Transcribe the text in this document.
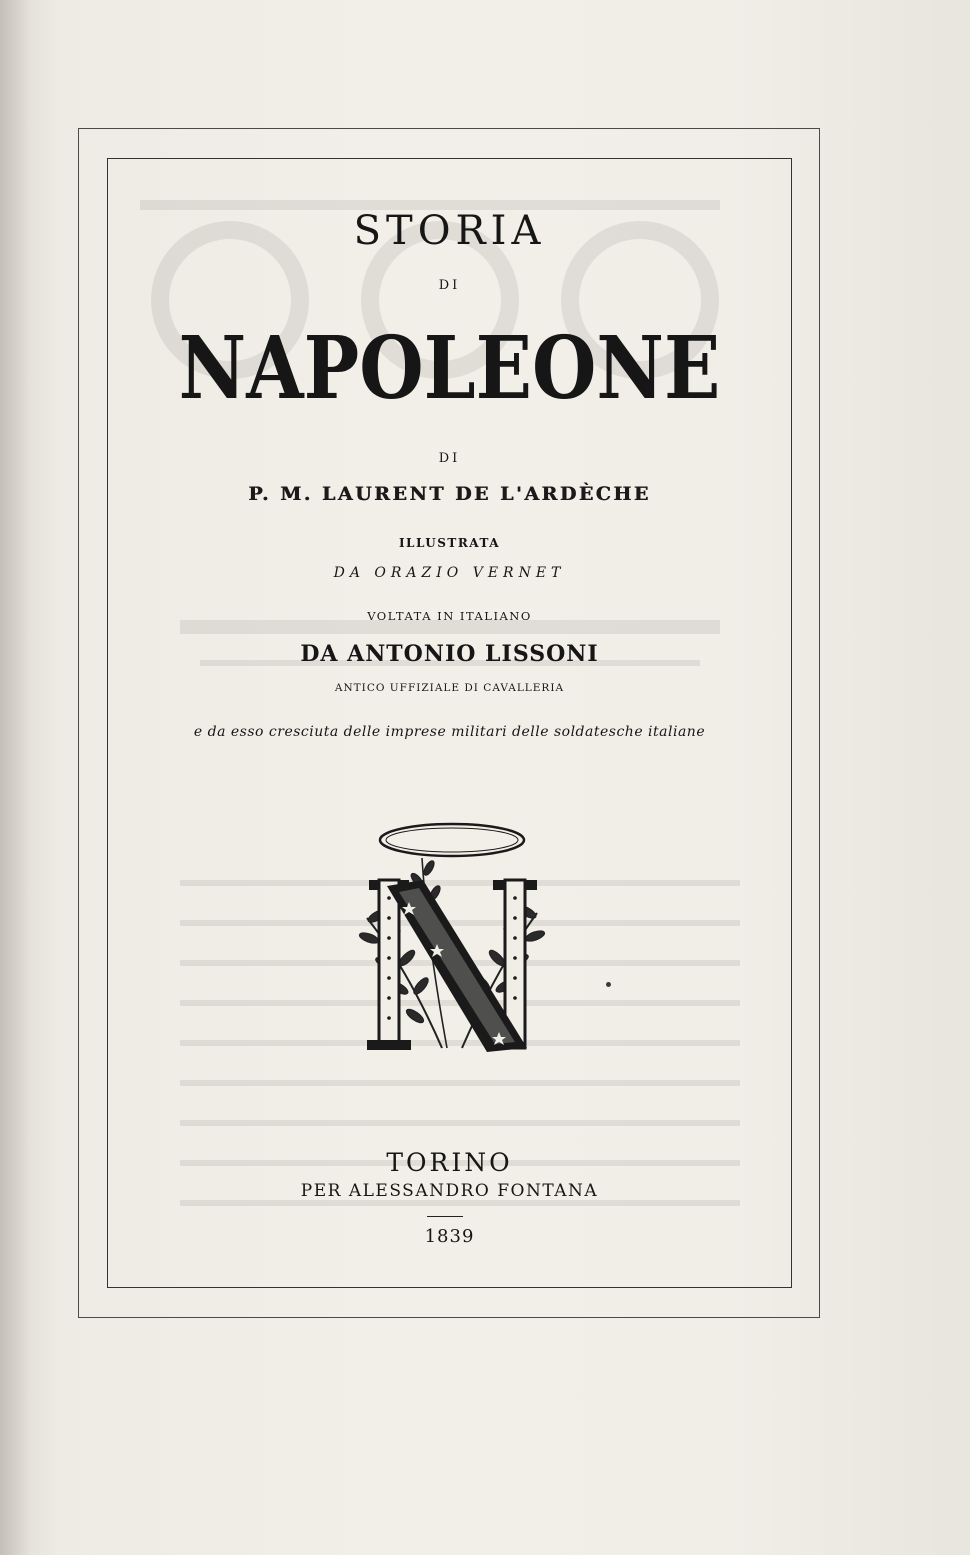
STORIA

DI

NAPOLEONE

DI

P. M. LAURENT DE L'ARDÈCHE

ILLUSTRATA

DA ORAZIO VERNET

VOLTATA IN ITALIANO

DA ANTONIO LISSONI

ANTICO UFFIZIALE DI CAVALLERIA

e da esso cresciuta delle imprese militari delle soldatesche italiane

TORINO

PER ALESSANDRO FONTANA

1839
